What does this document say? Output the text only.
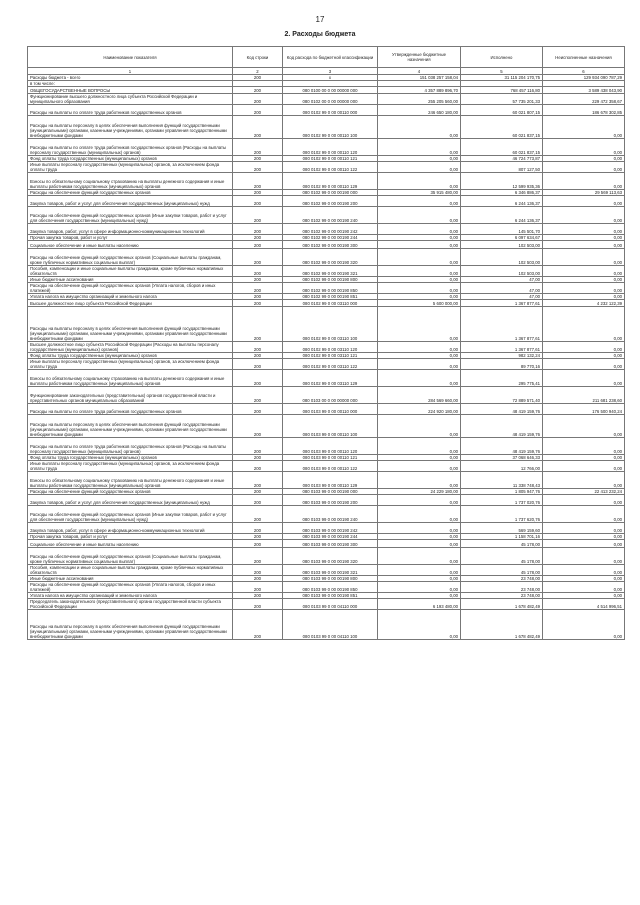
17
2. Расходы бюджета
Наименование показателя	Код строки	Код расхода по бюджетной классификации	Утвержденные бюджетные назначения	Исполнено	Неисполненные назначения
1	2	3	4	5	6
Расходы бюджета - всего	200	x	151 038 257 158,04	31 115 204 170,75	129 934 090 787,29
в том числе:					
ОБЩЕГОСУДАРСТВЕННЫЕ ВОПРОСЫ	200	080 0100 00 0 00 00000 000	4 357 889 896,70	768 457 116,80	3 589 438 043,90
Функционирование высшего должностного лица субъекта Российской Федерации и муниципального образования	200	080 0102 00 0 00 00000 000	255 205 560,00	57 735 201,33	229 472 358,67
Расходы на выплаты по оплате труда работников государственных органов	200	080 0102 99 0 00 00110 000	246 650 180,00	60 021 807,15	186 678 302,85
Расходы на выплаты персоналу в целях обеспечения выполнения функций государственными (муниципальными) органами, казенными учреждениями, органами управления государственными внебюджетными фондами	200	080 0102 99 0 00 00110 100	0,00	60 021 837,15	0,00
Расходы на выплаты по оплате труда работников государственных органов (Расходы на выплаты персоналу государственных (муниципальных) органов)	200	080 0102 99 0 00 00110 120	0,00	60 021 837,15	0,00
Фонд оплаты труда государственных (муниципальных) органов	200	080 0102 99 0 00 00110 121	0,00	46 724 773,87	0,00
Иные выплаты персоналу государственных (муниципальных) органов, за исключением фонда оплаты труда	200	080 0102 99 0 00 00110 122	0,00	807 127,50	0,00
Взносы по обязательному социальному страхованию на выплаты денежного содержания и иные выплаты работникам государственных (муниципальных) органов	200	080 0102 99 0 00 00110 129	0,00	12 599 935,36	0,00
Расходы на обеспечение функций государственных органов	200	080 0102 99 0 00 00190 000	35 915 480,00	6 346 886,37	29 569 113,63
Закупка товаров, работ и услуг для обеспечения государственных (муниципальных) нужд	200	080 0102 99 0 00 00190 200	0,00	6 244 136,37	0,00
Расходы на обеспечение функций государственных органов (Иные закупки товаров, работ и услуг для обеспечения государственных (муниципальных) нужд)	200	080 0102 99 0 00 00190 240	0,00	6 244 136,37	0,00
Закупка товаров, работ, услуг в сфере информационно-коммуникационных технологий	200	080 0102 99 0 00 00190 242	0,00	145 501,70	0,00
Прочая закупка товаров, работ и услуг	200	080 0102 99 0 00 00190 244	0,00	6 097 634,67	0,00
Социальное обеспечение и иные выплаты населению	200	080 0102 99 0 00 00190 300	0,00	102 503,00	0,00
Расходы на обеспечение функций государственных органов (Социальные выплаты гражданам, кроме публичных нормативных социальных выплат)	200	080 0102 99 0 00 00190 320	0,00	102 503,00	0,00
Пособия, компенсации и иные социальные выплаты гражданам, кроме публичных нормативных обязательств	200	080 0102 99 0 00 00190 321	0,00	102 503,00	0,00
Иные бюджетные ассигнования	200	080 0102 99 0 00 00190 800	0,00	47,00	0,00
Расходы на обеспечение функций государственных органов (Уплата налогов, сборов и иных платежей)	200	080 0102 99 0 00 00190 850	0,00	47,00	0,00
Уплата налога на имущество организаций и земельного налога	200	080 0102 99 0 00 00190 851	0,00	47,00	0,00
Высшее должностное лицо субъекта Российской Федерации	200	080 0102 99 0 00 03110 000	5 600 000,00	1 367 877,61	4 232 122,39
Расходы на выплаты персоналу в целях обеспечения выполнения функций государственными (муниципальными) органами, казенными учреждениями, органами управления государственными внебюджетными фондами	200	080 0102 99 0 00 03110 100	0,00	1 367 877,61	0,00
Высшее должностное лицо субъекта Российской Федерации (Расходы на выплаты персоналу государственных (муниципальных) органов)	200	080 0102 99 0 00 03110 120	0,00	1 367 877,61	0,00
Фонд оплаты труда государственных (муниципальных) органов	200	080 0102 99 0 00 03110 121	0,00	982 132,24	0,00
Иные выплаты персоналу государственных (муниципальных) органов, за исключением фонда оплаты труда	200	080 0102 99 0 00 03110 122	0,00	89 770,16	0,00
Взносы по обязательному социальному страхованию на выплаты денежного содержания и иные выплаты работникам государственных (муниципальных) органов	200	080 0102 99 0 00 03110 129	0,00	295 775,41	0,00
Функционирование законодательных (представительных) органов государственной власти и представительных органов муниципальных образований	200	080 0103 00 0 00 00000 000	284 569 660,00	72 889 571,40	211 681 238,60
Расходы на выплаты по оплате труда работников государственных органов	200	080 0103 99 0 00 00110 000	224 920 180,00	48 419 159,76	176 500 940,24
Расходы на выплаты персоналу в целях обеспечения выполнения функций государственными (муниципальными) органами, казенными учреждениями, органами управления государственными внебюджетными фондами	200	080 0103 99 0 00 00110 100	0,00	48 419 159,76	0,00
Расходы на выплаты по оплате труда работников государственных органов (Расходы на выплаты персоналу государственных (муниципальных) органов)	200	080 0103 99 0 00 00110 120	0,00	48 419 159,76	0,00
Фонд оплаты труда государственных (муниципальных) органов	200	080 0103 99 0 00 00110 121	0,00	37 068 646,33	0,00
Иные выплаты персоналу государственных (муниципальных) органов, за исключением фонда оплаты труда	200	080 0103 99 0 00 00110 122	0,00	12 766,00	0,00
Взносы по обязательному социальному страхованию на выплаты денежного содержания и иные выплаты работникам государственных (муниципальных) органов	200	080 0103 99 0 00 00110 129	0,00	11 338 748,43	0,00
Расходы на обеспечение функций государственных органов	200	080 0103 99 0 00 00190 000	24 229 180,00	1 805 947,76	22 413 232,24
Закупка товаров, работ и услуг для обеспечения государственных (муниципальных) нужд	200	080 0103 99 0 00 00190 200	0,00	1 737 020,76	0,00
Расходы на обеспечение функций государственных органов (Иные закупки товаров, работ и услуг для обеспечения государственных (муниципальных) нужд)	200	080 0103 99 0 00 00190 240	0,00	1 737 620,76	0,00
Закупка товаров, работ, услуг в сфере информационно-коммуникационных технологий	200	080 0103 99 0 00 00190 242	0,00	569 159,60	0,00
Прочая закупка товаров, работ и услуг	200	080 0103 99 0 00 00190 244	0,00	1 158 701,16	0,00
Социальное обеспечение и иные выплаты населению	200	080 0103 99 0 00 00190 300	0,00	45 178,00	0,00
Расходы на обеспечение функций государственных органов (Социальные выплаты гражданам, кроме публичных нормативных социальных выплат)	200	080 0103 99 0 00 00190 320	0,00	45 178,00	0,00
Пособия, компенсации и иные социальные выплаты гражданам, кроме публичных нормативных обязательств	200	080 0103 99 0 00 00190 321	0,00	45 178,00	0,00
Иные бюджетные ассигнования	200	080 0103 99 0 00 00190 800	0,00	23 748,00	0,00
Расходы на обеспечение функций государственных органов (Уплата налогов, сборов и иных платежей)	200	080 0103 99 0 00 00190 850	0,00	23 748,00	0,00
Уплата налога на имущество организаций и земельного налога	200	080 0103 99 0 00 00190 851	0,00	23 748,00	0,00
Председатель законодательного (представительного) органа государственной власти субъекта Российской Федерации	200	080 0103 99 0 00 04110 000	6 193 480,00	1 678 482,49	4 514 996,51
Расходы на выплаты персоналу в целях обеспечения выполнения функций государственными (муниципальными) органами, казенными учреждениями, органами управления государственными внебюджетными фондами	200	080 0103 99 0 00 04110 100	0,00	1 678 482,49	0,00
